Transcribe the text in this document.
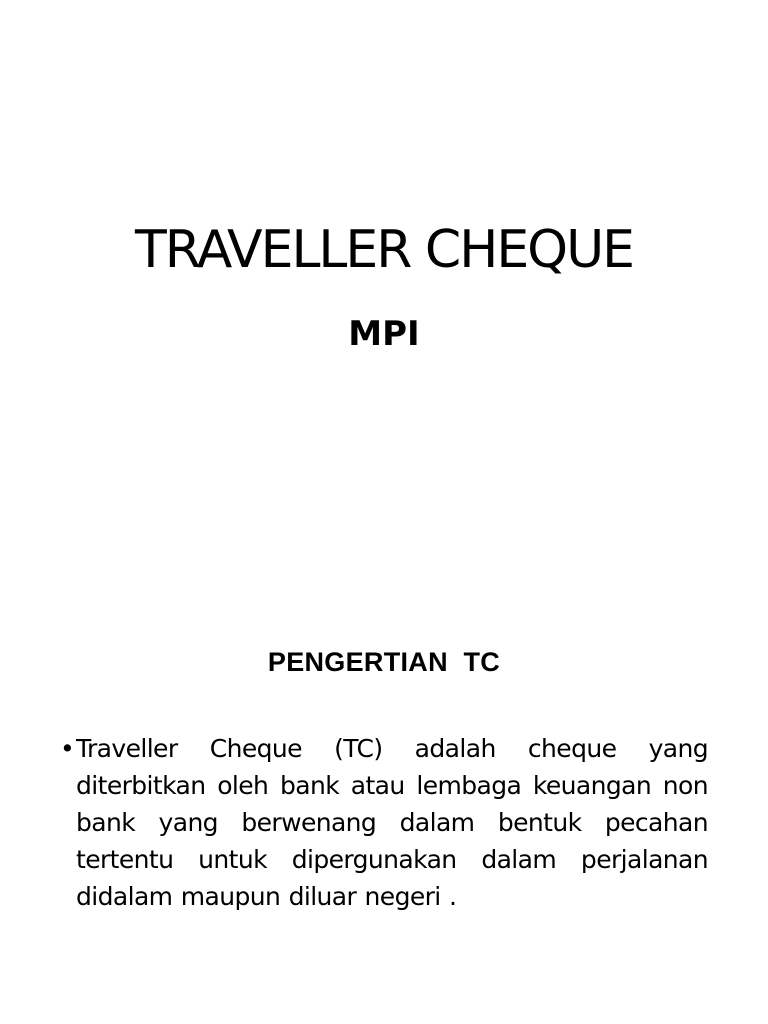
TRAVELLER CHEQUE
MPI
PENGERTIAN  TC
• Traveller Cheque (TC) adalah cheque yang diterbitkan oleh bank atau lembaga keuangan non bank yang berwenang dalam bentuk pecahan tertentu untuk dipergunakan dalam perjalanan didalam maupun diluar negeri .
